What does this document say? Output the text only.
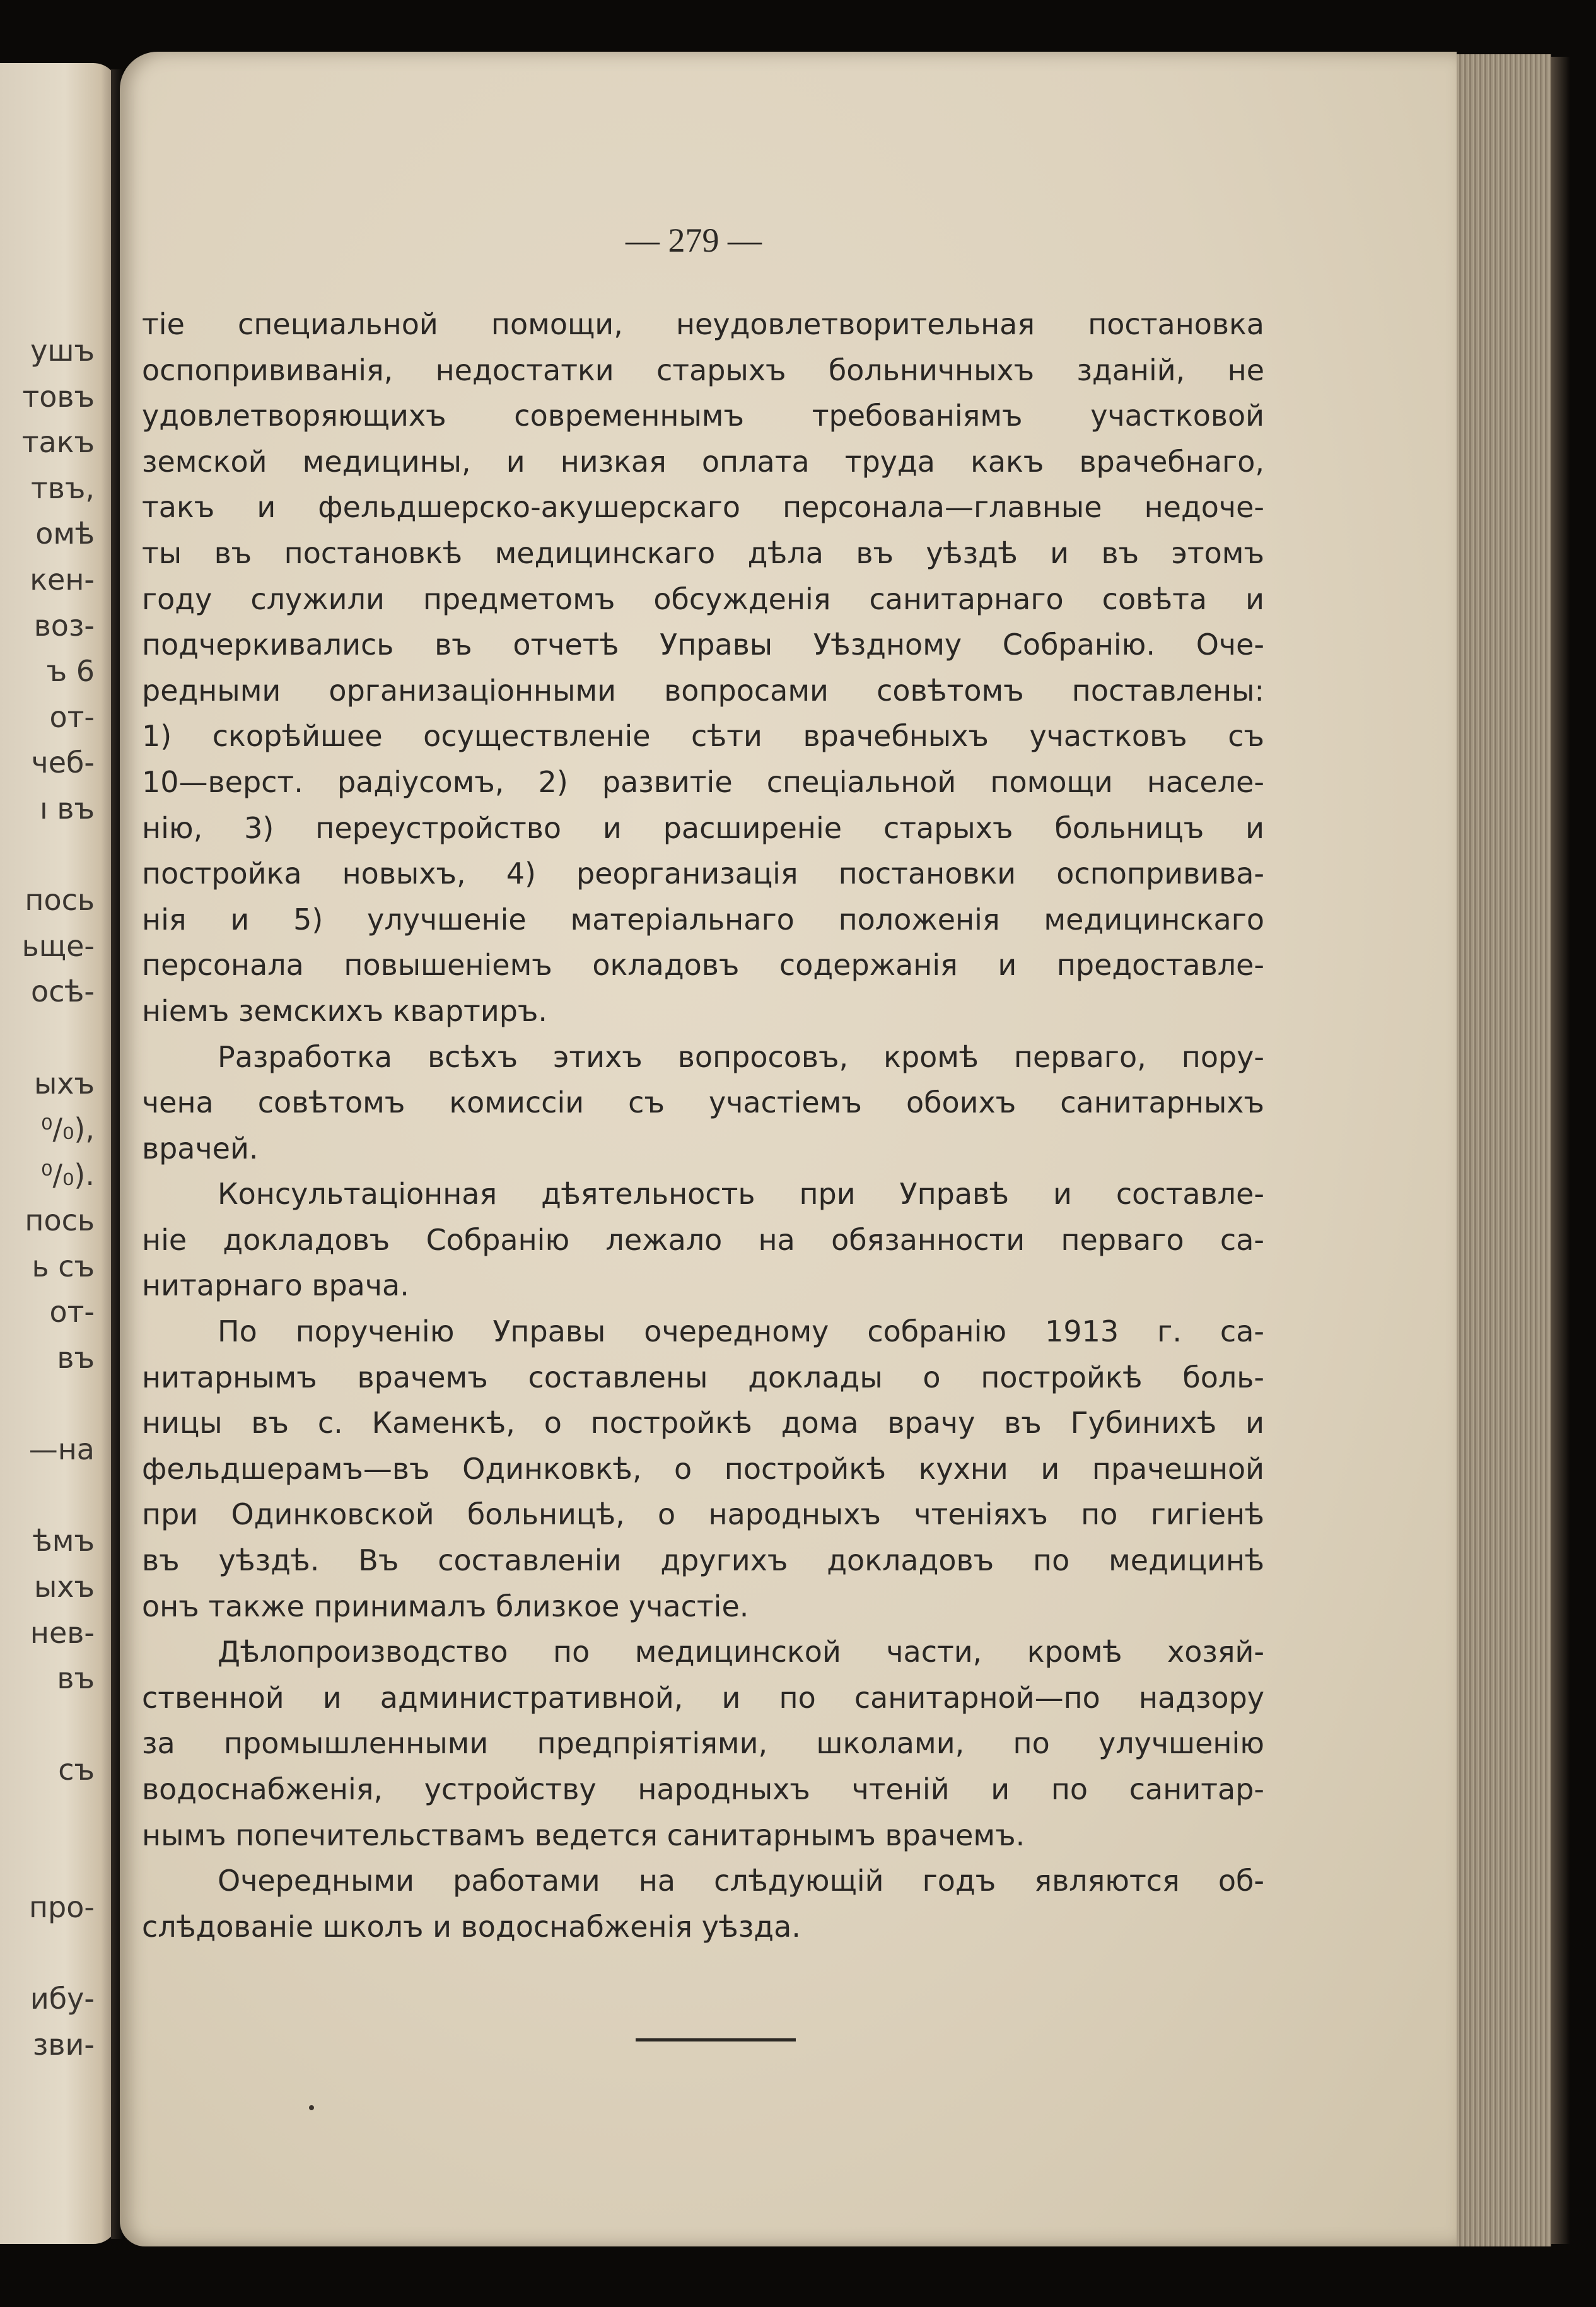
ушъ
товъ
такъ
твъ,
омѣ
кен-
воз-
ъ 6
от-
чеб-
ı въ
пось
ьще-
осѣ-
ыхъ
⁰/₀),
⁰/₀).
пось
ь съ
от-
въ
—на
ѣмъ
ыхъ
нев-
въ
съ
про-
ибу-
зви-
— 279 —

тіе специальной помощи, неудовлетворительная постановка
оспопрививанія, недостатки старыхъ больничныхъ зданій, не
удовлетворяющихъ современнымъ требованіямъ участковой
земской медицины, и низкая оплата труда какъ врачебнаго,
такъ и фельдшерско-акушерскаго персонала—главные недоче-
ты въ постановкѣ медицинскаго дѣла въ уѣздѣ и въ этомъ
году служили предметомъ обсужденія санитарнаго совѣта и
подчеркивались въ отчетѣ Управы Уѣздному Собранію. Оче-
редными организаціонными вопросами совѣтомъ поставлены:
1) скорѣйшее осуществленіе сѣти врачебныхъ участковъ съ
10—верст. радіусомъ, 2) развитіе спеціальной помощи населе-
нію, 3) переустройство и расширеніе старыхъ больницъ и
постройка новыхъ, 4) реорганизація постановки оспопрививa-
нія и 5) улучшеніе матеріальнаго положенія медицинскаго
персонала повышеніемъ окладовъ содержанія и предоставле-
ніемъ земскихъ квартиръ.

Разработка всѣхъ этихъ вопросовъ, кромѣ перваго, пору-
чена совѣтомъ комиссіи съ участіемъ обоихъ санитарныхъ
врачей.

Консультаціонная дѣятельность при Управѣ и составле-
ніе докладовъ Собранію лежало на обязанности перваго са-
нитарнаго врача.

По порученію Управы очередному собранію 1913 г. са-
нитарнымъ врачемъ составлены доклады о постройкѣ боль-
ницы въ с. Каменкѣ, о постройкѣ дома врачу въ Губинихѣ и
фельдшерамъ—въ Одинковкѣ, о постройкѣ кухни и прачешной
при Одинковской больницѣ, о народныхъ чтеніяхъ по гигіенѣ
въ уѣздѣ. Въ составленіи другихъ докладовъ по медицинѣ
онъ также принималъ близкое участіе.

Дѣлопроизводство по медицинской части, кромѣ хозяй-
ственной и административной, и по санитарной—по надзору
за промышленными предпріятіями, школами, по улучшенію
водоснабженія, устройству народныхъ чтеній и по санитар-
нымъ попечительствамъ ведется санитарнымъ врачемъ.

Очередными работами на слѣдующій годъ являются об-
слѣдованіе школъ и водоснабженія уѣзда.
